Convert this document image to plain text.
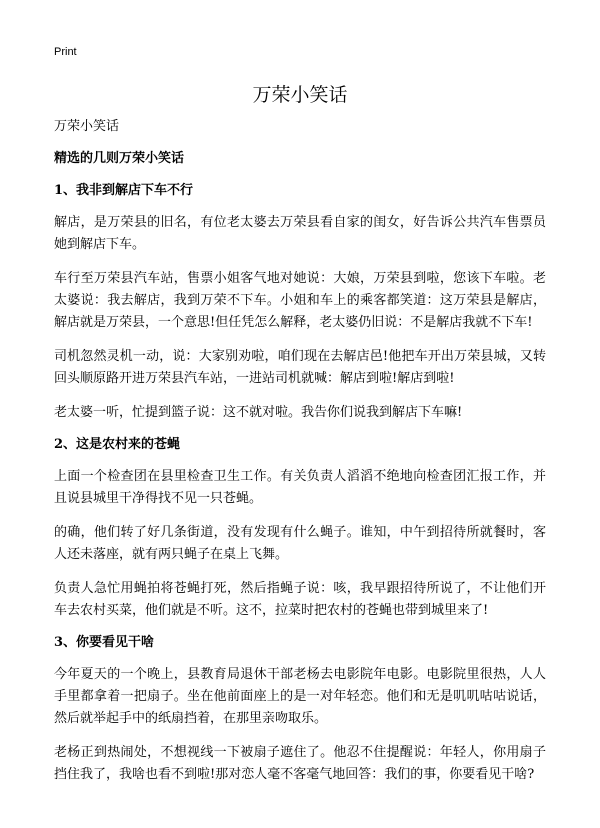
Print
万荣小笑话

万荣小笑话

精选的几则万荣小笑话

1、我非到解店下车不行

解店，是万荣县的旧名，有位老太婆去万荣县看自家的闺女，好告诉公共汽车售票员她到解店下车。

车行至万荣县汽车站，售票小姐客气地对她说：大娘，万荣县到啦，您该下车啦。老太婆说：我去解店，我到万荣不下车。小姐和车上的乘客都笑道：这万荣县是解店，解店就是万荣县，一个意思!但任凭怎么解释，老太婆仍旧说：不是解店我就不下车!

司机忽然灵机一动，说：大家别劝啦，咱们现在去解店邑!他把车开出万荣县城，又转回头顺原路开进万荣县汽车站，一进站司机就喊：解店到啦!解店到啦!

老太婆一听，忙提到篮子说：这不就对啦。我告你们说我到解店下车嘛!

2、这是农村来的苍蝇

上面一个检查团在县里检查卫生工作。有关负责人滔滔不绝地向检查团汇报工作，并且说县城里干净得找不见一只苍蝇。

的确，他们转了好几条街道，没有发现有什么蝇子。谁知，中午到招待所就餐时，客人还未落座，就有两只蝇子在桌上飞舞。

负责人急忙用蝇拍将苍蝇打死，然后指蝇子说：咳，我早跟招待所说了，不让他们开车去农村买菜，他们就是不听。这不，拉菜时把农村的苍蝇也带到城里来了!

3、你要看见干啥

今年夏天的一个晚上，县教育局退休干部老杨去电影院年电影。电影院里很热，人人手里都拿着一把扇子。坐在他前面座上的是一对年轻恋。他们和无是叽叽咕咕说话，然后就举起手中的纸扇挡着，在那里亲吻取乐。

老杨正到热闹处，不想视线一下被扇子遮住了。他忍不住提醒说：年轻人，你用扇子挡住我了，我啥也看不到啦!那对恋人毫不客毫气地回答：我们的事，你要看见干啥?
